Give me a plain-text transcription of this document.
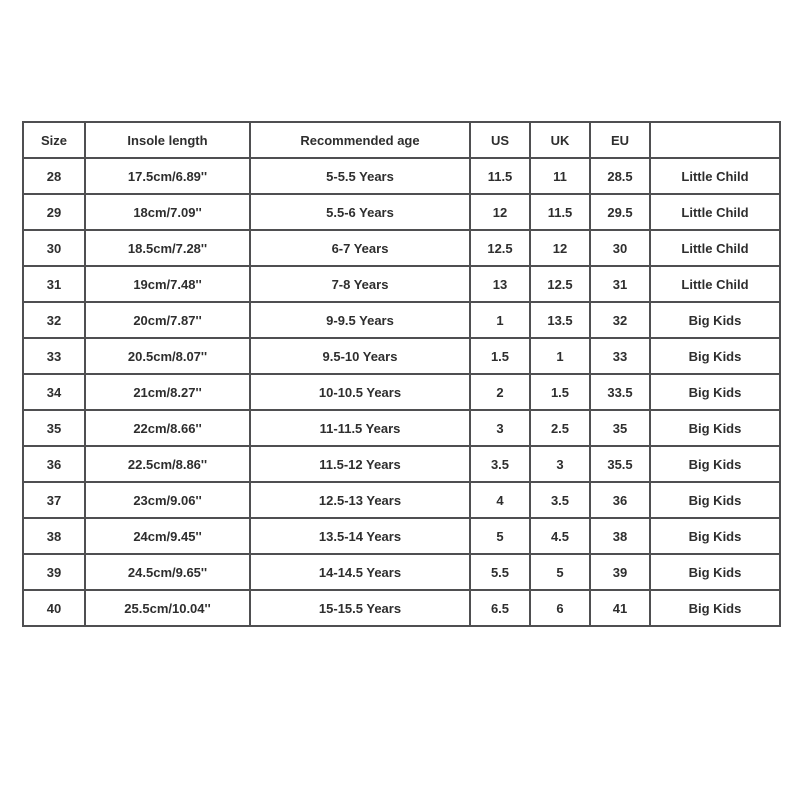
Size	Insole length	Recommended age	US	UK	EU	
28	17.5cm/6.89''	5-5.5 Years	11.5	11	28.5	Little Child
29	18cm/7.09''	5.5-6 Years	12	11.5	29.5	Little Child
30	18.5cm/7.28''	6-7 Years	12.5	12	30	Little Child
31	19cm/7.48''	7-8 Years	13	12.5	31	Little Child
32	20cm/7.87''	9-9.5 Years	1	13.5	32	Big Kids
33	20.5cm/8.07''	9.5-10 Years	1.5	1	33	Big Kids
34	21cm/8.27''	10-10.5 Years	2	1.5	33.5	Big Kids
35	22cm/8.66''	11-11.5 Years	3	2.5	35	Big Kids
36	22.5cm/8.86''	11.5-12 Years	3.5	3	35.5	Big Kids
37	23cm/9.06''	12.5-13 Years	4	3.5	36	Big Kids
38	24cm/9.45''	13.5-14 Years	5	4.5	38	Big Kids
39	24.5cm/9.65''	14-14.5 Years	5.5	5	39	Big Kids
40	25.5cm/10.04''	15-15.5 Years	6.5	6	41	Big Kids
